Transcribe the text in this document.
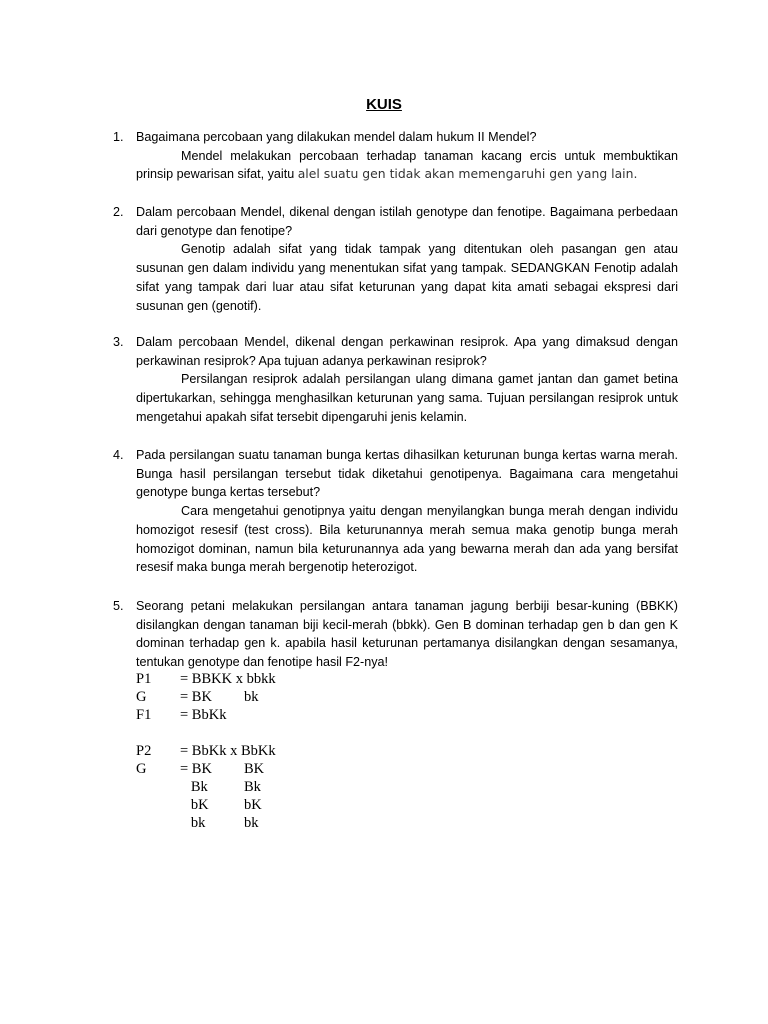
KUIS
1. Bagaimana percobaan yang dilakukan mendel dalam hukum II Mendel?
Mendel melakukan percobaan terhadap tanaman kacang ercis untuk membuktikan prinsip pewarisan sifat, yaitu alel suatu gen tidak akan memengaruhi gen yang lain.
2. Dalam percobaan Mendel, dikenal dengan istilah genotype dan fenotipe. Bagaimana perbedaan dari genotype dan fenotipe?
Genotip adalah sifat yang tidak tampak yang ditentukan oleh pasangan gen atau susunan gen dalam individu yang menentukan sifat yang tampak. SEDANGKAN Fenotip adalah sifat yang tampak dari luar atau sifat keturunan yang dapat kita amati sebagai ekspresi dari susunan gen (genotif).
3. Dalam percobaan Mendel, dikenal dengan perkawinan resiprok. Apa yang dimaksud dengan perkawinan resiprok? Apa tujuan adanya perkawinan resiprok?
Persilangan resiprok adalah persilangan ulang dimana gamet jantan dan gamet betina dipertukarkan, sehingga menghasilkan keturunan yang sama. Tujuan persilangan resiprok untuk mengetahui apakah sifat tersebit dipengaruhi jenis kelamin.
4. Pada persilangan suatu tanaman bunga kertas dihasilkan keturunan bunga kertas warna merah. Bunga hasil persilangan tersebut tidak diketahui genotipenya. Bagaimana cara mengetahui genotype bunga kertas tersebut?
Cara mengetahui genotipnya yaitu dengan menyilangkan bunga merah dengan individu homozigot resesif (test cross). Bila keturunannya merah semua maka genotip bunga merah homozigot dominan, namun bila keturunannya ada yang bewarna merah dan ada yang bersifat resesif maka bunga merah bergenotip heterozigot.
5. Seorang petani melakukan persilangan antara tanaman jagung berbiji besar-kuning (BBKK) disilangkan dengan tanaman biji kecil-merah (bbkk). Gen B dominan terhadap gen b dan gen K dominan terhadap gen k. apabila hasil keturunan pertamanya disilangkan dengan sesamanya, tentukan genotype dan fenotipe hasil F2-nya!
P1 = BBKK x bbkk
G = BK bk
F1 = BbKk
P2 = BbKk x BbKk
G = BK BK
Bk Bk
bK bK
bk	bk
